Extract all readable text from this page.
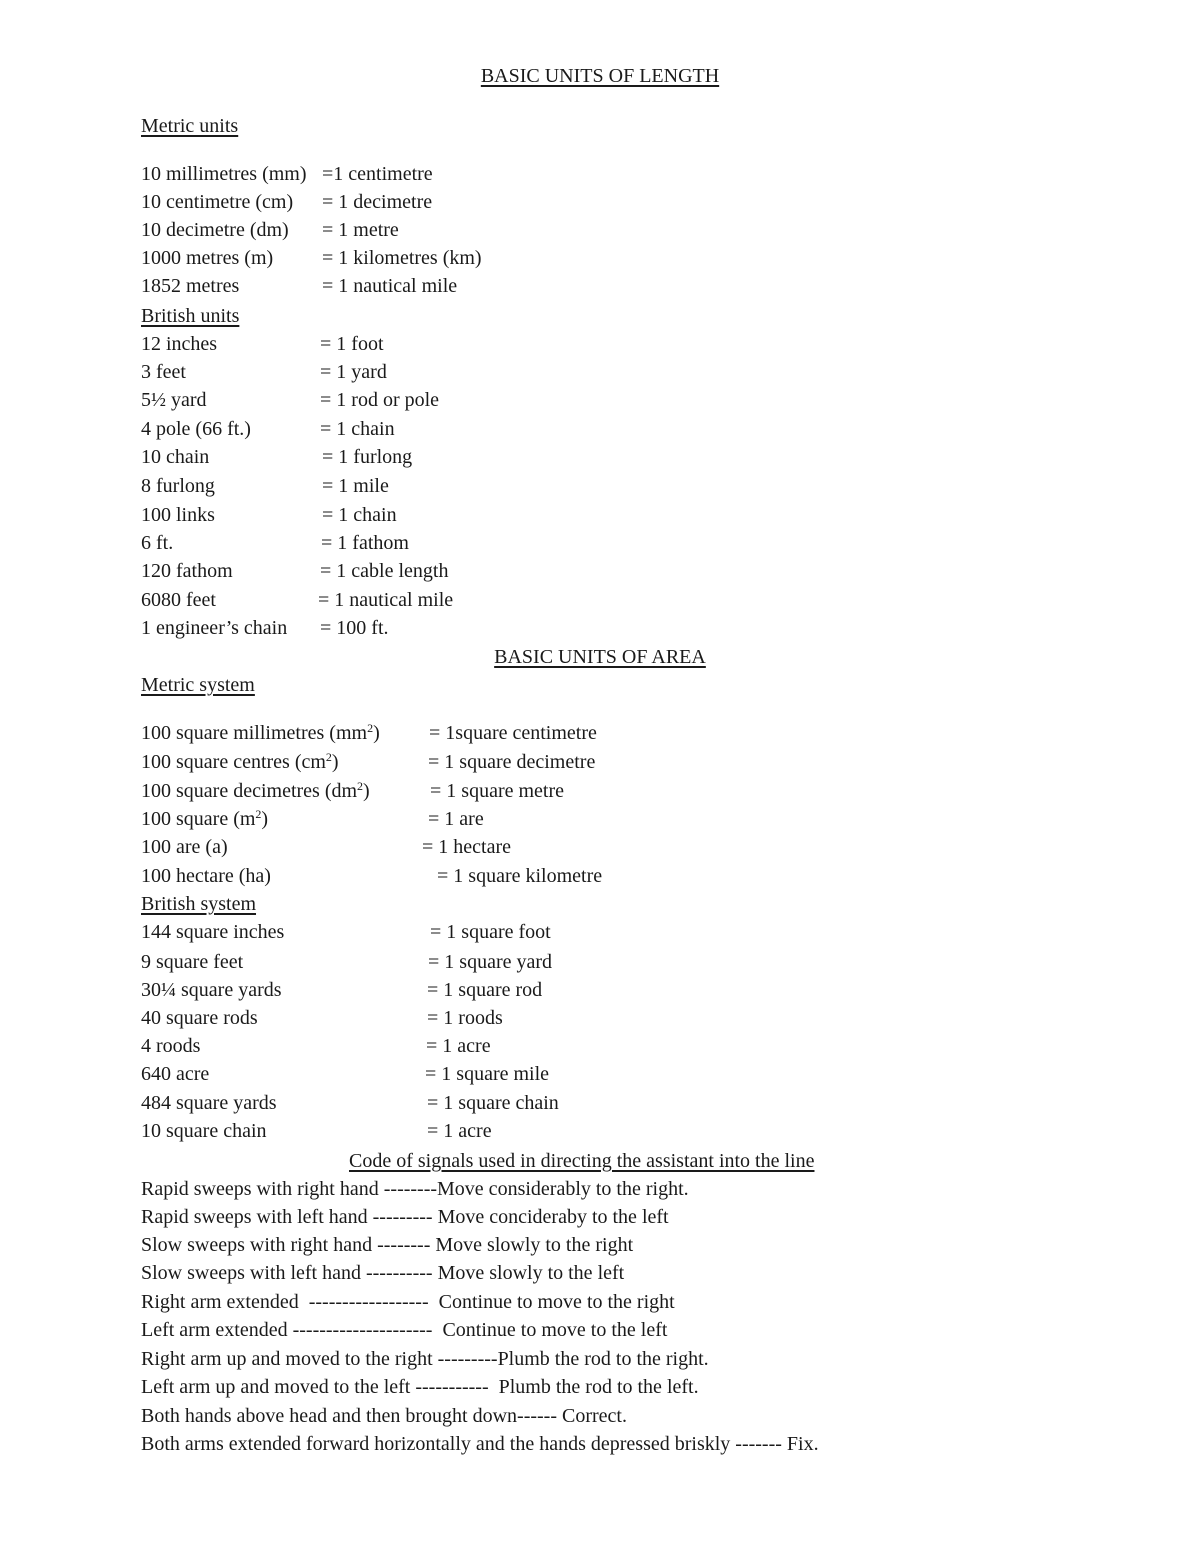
BASIC UNITS OF LENGTH
Metric units
10 millimetres (mm) =1 centimetre
10 centimetre (cm) = 1 decimetre
10 decimetre (dm) = 1 metre
1000 metres (m) = 1 kilometres (km)
1852 metres	= 1 nautical mile
British units
12 inches	= 1 foot
3 feet	= 1 yard
5½ yard	= 1 rod or pole
4 pole (66 ft.)	= 1 chain
10 chain	= 1 furlong
8 furlong	= 1 mile
100 links	= 1 chain
6 ft.	= 1 fathom
120 fathom	= 1 cable length
6080 feet	= 1 nautical mile
1 engineer’s chain = 100 ft.
BASIC UNITS OF AREA
Metric system
100 square millimetres $(mm^2)$ = 1square centimetre
100 square centres $(cm^2)$	= 1 square decimetre
100 square decimetres $(dm^2)$	= 1 square metre
100 square $(m^2)$	= 1 are
100 are (a)	= 1 hectare
100 hectare (ha)	= 1 square kilometre
British system
144 square inches	= 1 square foot
9 square feet	= 1 square yard
30¼ square yards	= 1 square rod
40 square rods	= 1 roods
4 roods	= 1 acre
640 acre	= 1 square mile
484 square yards	= 1 square chain
10 square chain	= 1 acre
Code of signals used in directing the assistant into the line
Rapid sweeps with right hand --------Move considerably to the right.
Rapid sweeps with left hand --------- Move concideraby to the left
Slow sweeps with right hand -------- Move slowly to the right
Slow sweeps with left hand ---------- Move slowly to the left
Right arm extended  ------------------  Continue to move to the right
Left arm extended ---------------------  Continue to move to the left
Right arm up and moved to the right ---------Plumb the rod to the right.
Left arm up and moved to the left -----------  Plumb the rod to the left.
Both hands above head and then brought down------ Correct.
Both arms extended forward horizontally and the hands depressed briskly ------- Fix.
